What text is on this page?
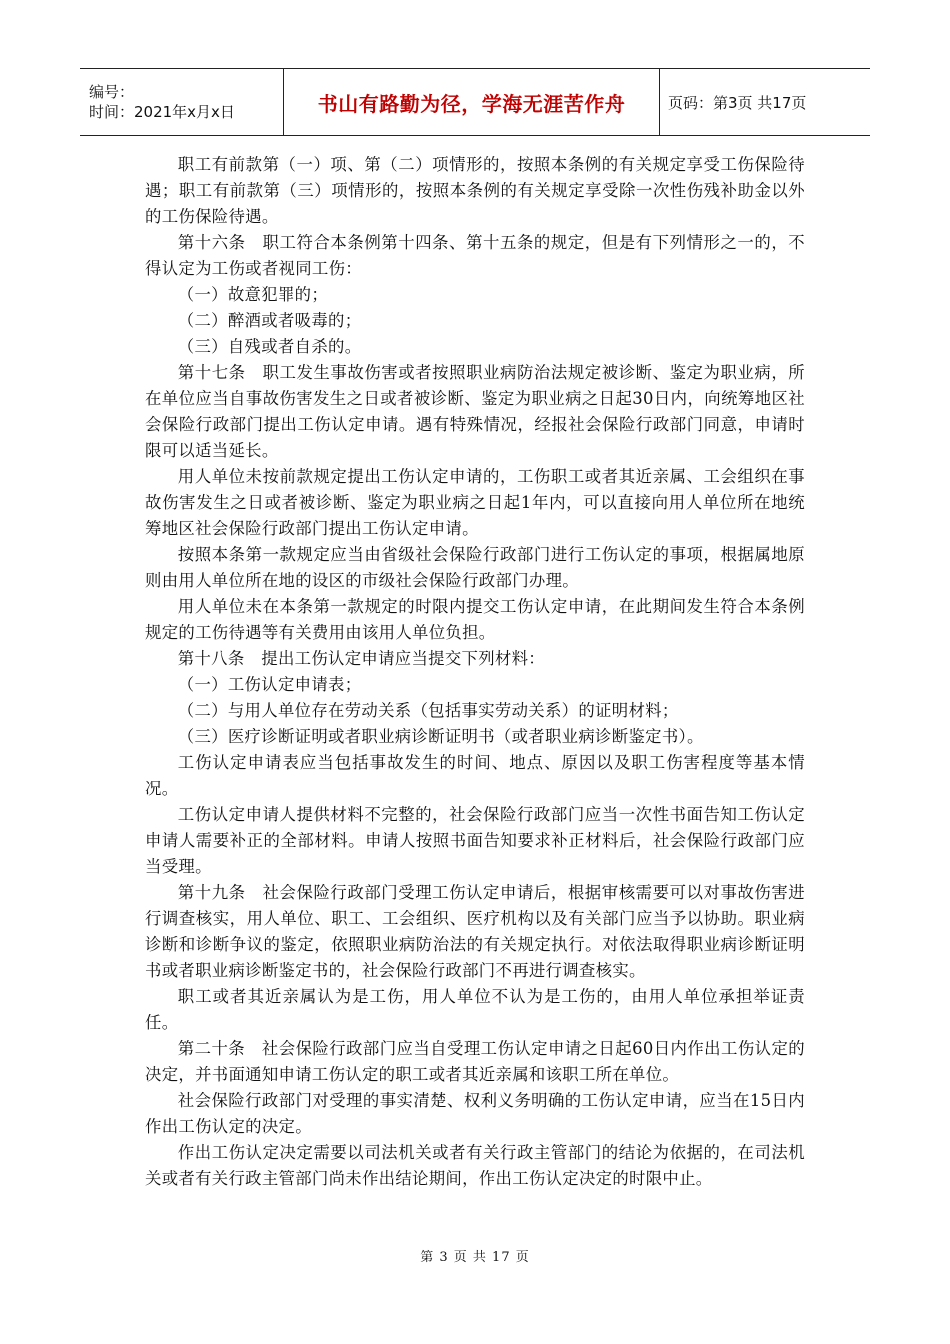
编号：
时间：2021年x月x日	书山有路勤为径，学海无涯苦作舟	页码：第3页 共17页

职工有前款第（一）项、第（二）项情形的，按照本条例的有关规定享受工伤保险待遇；职工有前款第（三）项情形的，按照本条例的有关规定享受除一次性伤残补助金以外的工伤保险待遇。

第十六条　职工符合本条例第十四条、第十五条的规定，但是有下列情形之一的，不得认定为工伤或者视同工伤：

（一）故意犯罪的；

（二）醉酒或者吸毒的；

（三）自残或者自杀的。

第十七条　职工发生事故伤害或者按照职业病防治法规定被诊断、鉴定为职业病，所在单位应当自事故伤害发生之日或者被诊断、鉴定为职业病之日起30日内，向统筹地区社会保险行政部门提出工伤认定申请。遇有特殊情况，经报社会保险行政部门同意，申请时限可以适当延长。

用人单位未按前款规定提出工伤认定申请的，工伤职工或者其近亲属、工会组织在事故伤害发生之日或者被诊断、鉴定为职业病之日起1年内，可以直接向用人单位所在地统筹地区社会保险行政部门提出工伤认定申请。

按照本条第一款规定应当由省级社会保险行政部门进行工伤认定的事项，根据属地原则由用人单位所在地的设区的市级社会保险行政部门办理。

用人单位未在本条第一款规定的时限内提交工伤认定申请，在此期间发生符合本条例规定的工伤待遇等有关费用由该用人单位负担。

第十八条　提出工伤认定申请应当提交下列材料：

（一）工伤认定申请表；

（二）与用人单位存在劳动关系（包括事实劳动关系）的证明材料；

（三）医疗诊断证明或者职业病诊断证明书（或者职业病诊断鉴定书）。

工伤认定申请表应当包括事故发生的时间、地点、原因以及职工伤害程度等基本情况。

工伤认定申请人提供材料不完整的，社会保险行政部门应当一次性书面告知工伤认定申请人需要补正的全部材料。申请人按照书面告知要求补正材料后，社会保险行政部门应当受理。

第十九条　社会保险行政部门受理工伤认定申请后，根据审核需要可以对事故伤害进行调查核实，用人单位、职工、工会组织、医疗机构以及有关部门应当予以协助。职业病诊断和诊断争议的鉴定，依照职业病防治法的有关规定执行。对依法取得职业病诊断证明书或者职业病诊断鉴定书的，社会保险行政部门不再进行调查核实。

职工或者其近亲属认为是工伤，用人单位不认为是工伤的，由用人单位承担举证责任。

第二十条　社会保险行政部门应当自受理工伤认定申请之日起60日内作出工伤认定的决定，并书面通知申请工伤认定的职工或者其近亲属和该职工所在单位。

社会保险行政部门对受理的事实清楚、权利义务明确的工伤认定申请，应当在15日内作出工伤认定的决定。

作出工伤认定决定需要以司法机关或者有关行政主管部门的结论为依据的，在司法机关或者有关行政主管部门尚未作出结论期间，作出工伤认定决定的时限中止。

第 3 页 共 17 页
